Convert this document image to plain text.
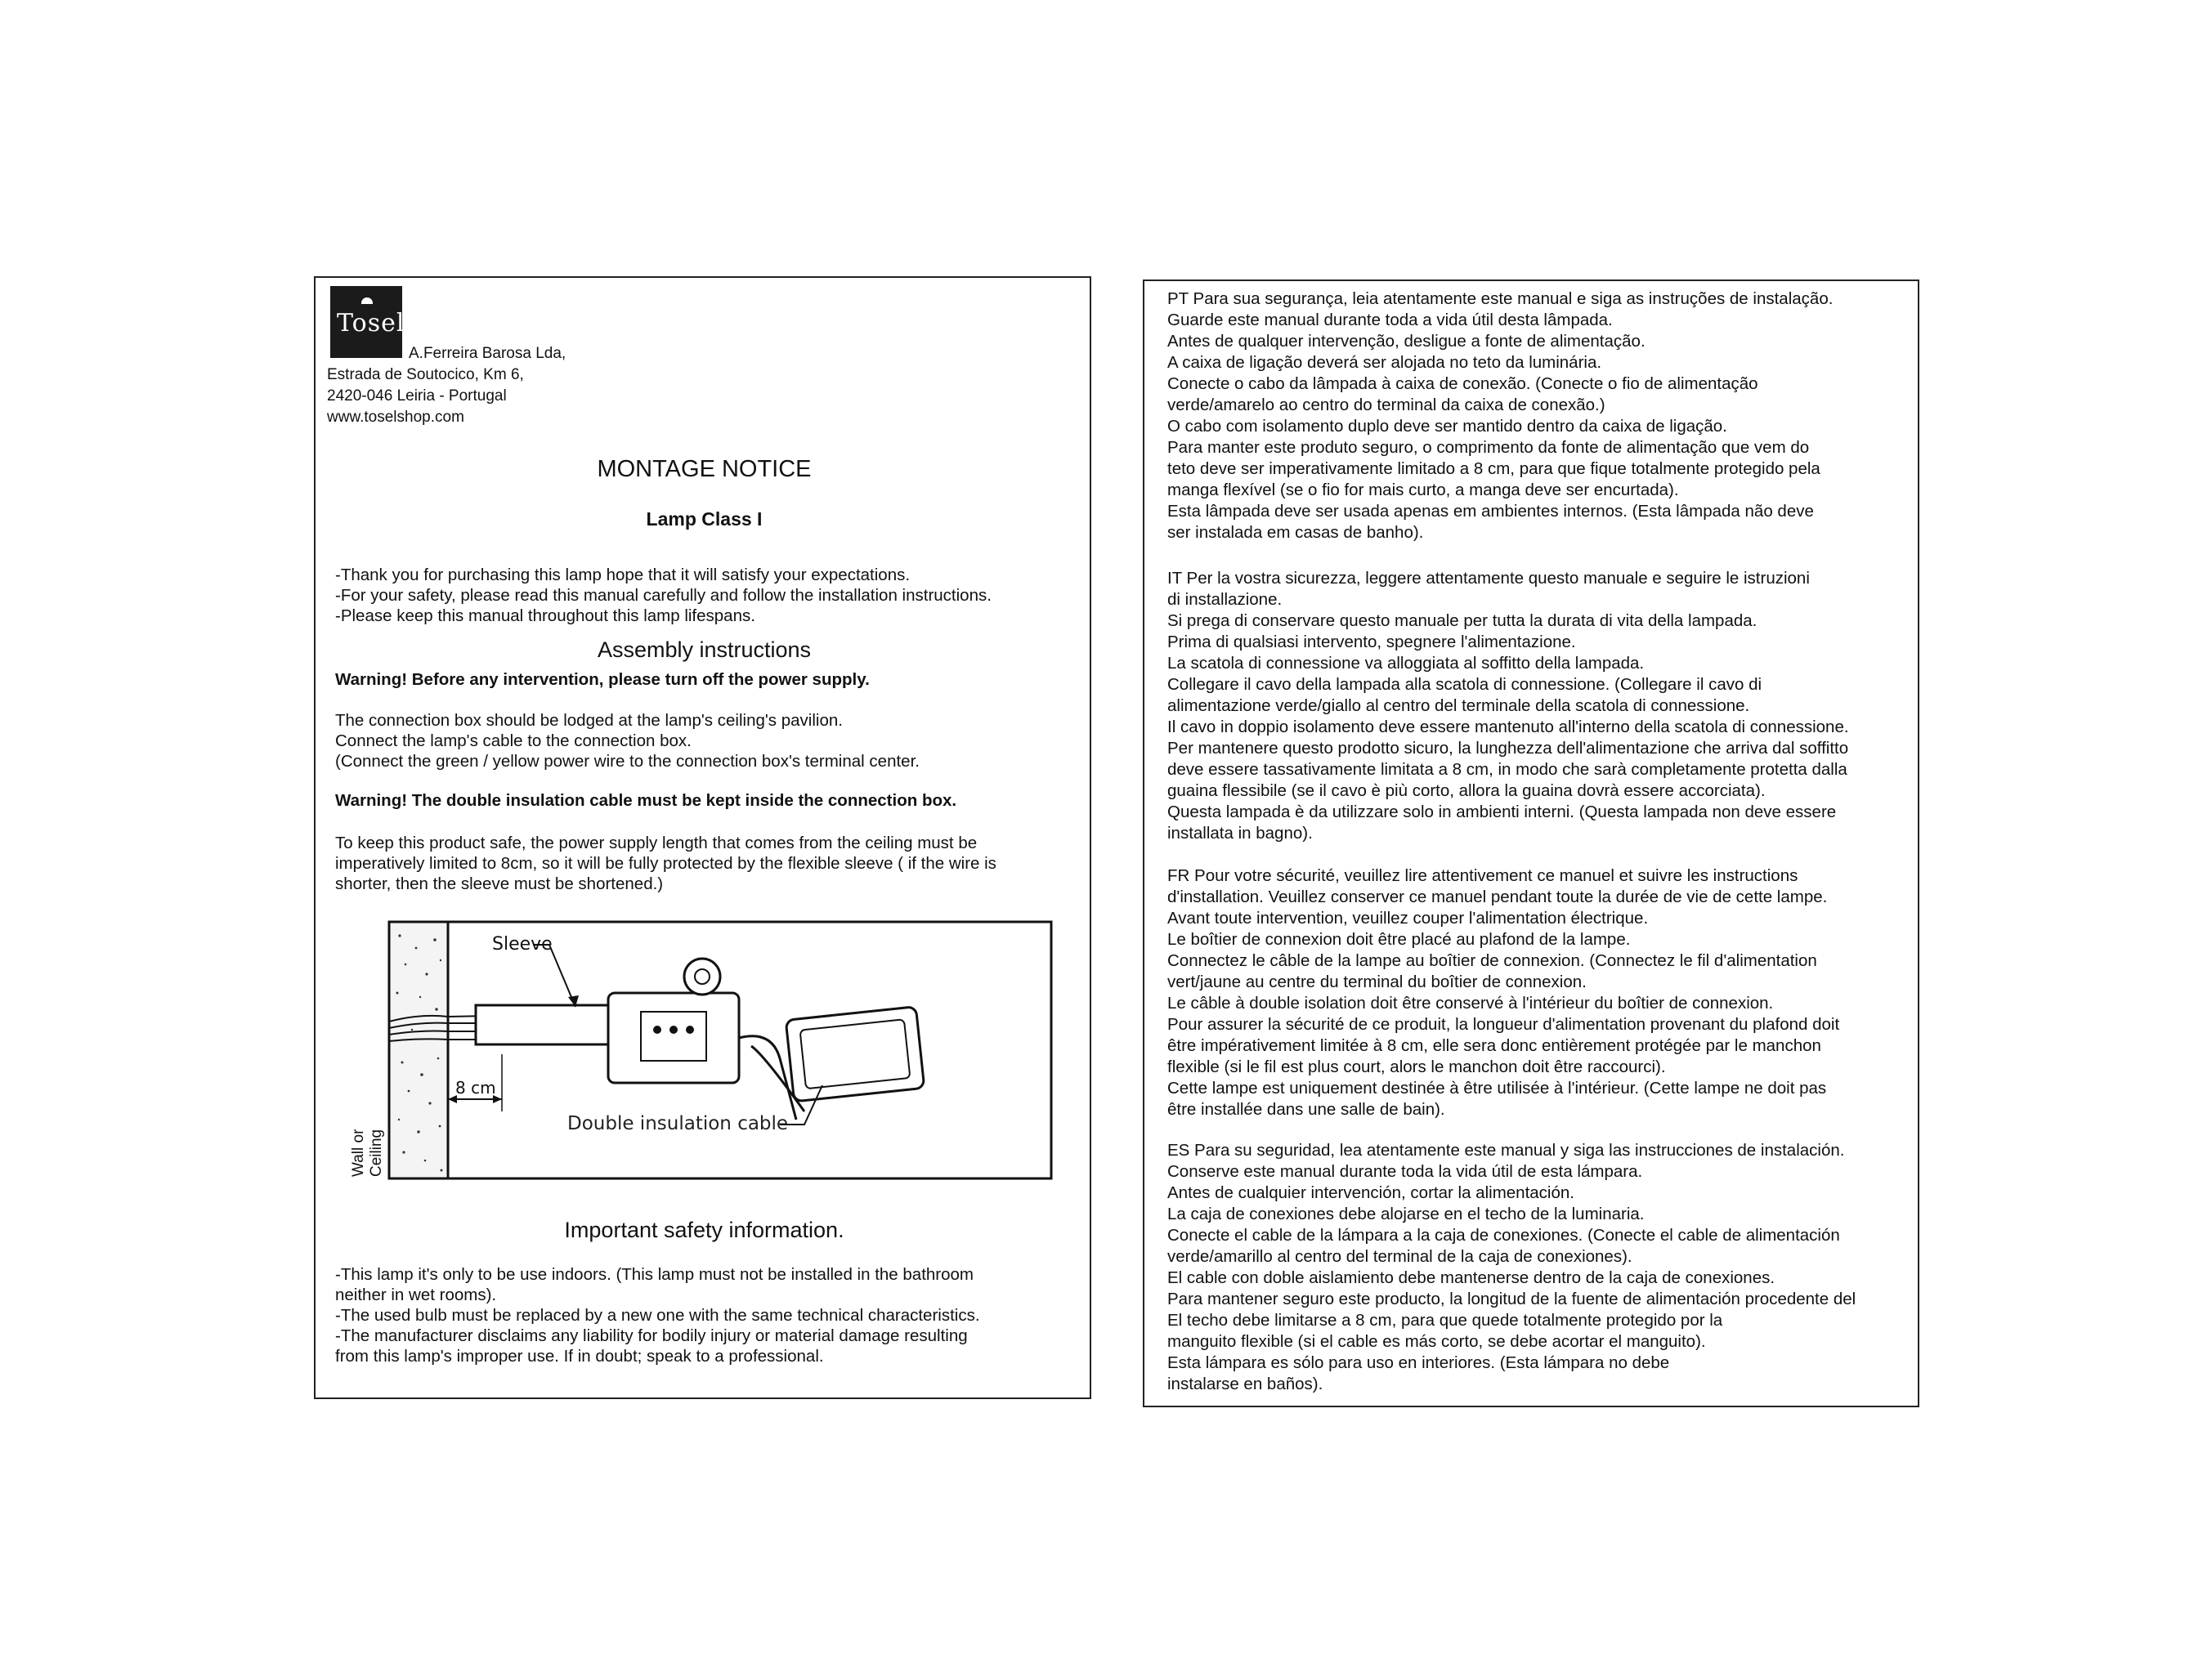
Tosel
A.Ferreira Barosa Lda,
Estrada de Soutocico, Km 6,
2420-046 Leiria - Portugal
www.toselshop.com
MONTAGE NOTICE
Lamp Class I
-Thank you for purchasing this lamp hope that it will satisfy your expectations.
-For your safety, please read this manual carefully and follow the installation instructions.
-Please keep this manual throughout this lamp lifespans.
Assembly instructions
Warning! Before any intervention, please turn off the power supply.
The connection box should be lodged at the lamp's ceiling's pavilion.
Connect the lamp's cable to the connection box.
(Connect the green / yellow power wire to the connection box's terminal center.
Warning! The double insulation cable must be kept inside the connection box.
To keep this product safe, the power supply length that comes from the ceiling must be
imperatively limited to 8cm, so it will be fully protected by the flexible sleeve ( if the wire is
shorter, then the sleeve must be shortened.)
Sleeve
8 cm
Double insulation cable
Wall or Ceiling
Important safety information.
-This lamp it's only to be use indoors. (This lamp must not be installed in the bathroom
neither in wet rooms).
-The used bulb must be replaced by a new one with the same technical characteristics.
-The manufacturer disclaims any liability for bodily injury or material damage resulting
from this lamp's improper use. If in doubt; speak to a professional.
PT Para sua segurança, leia atentamente este manual e siga as instruções de instalação.
Guarde este manual durante toda a vida útil desta lâmpada.
Antes de qualquer intervenção, desligue a fonte de alimentação.
A caixa de ligação deverá ser alojada no teto da luminária.
Conecte o cabo da lâmpada à caixa de conexão. (Conecte o fio de alimentação
verde/amarelo ao centro do terminal da caixa de conexão.)
O cabo com isolamento duplo deve ser mantido dentro da caixa de ligação.
Para manter este produto seguro, o comprimento da fonte de alimentação que vem do
teto deve ser imperativamente limitado a 8 cm, para que fique totalmente protegido pela
manga flexível (se o fio for mais curto, a manga deve ser encurtada).
Esta lâmpada deve ser usada apenas em ambientes internos. (Esta lâmpada não deve
ser instalada em casas de banho).
IT Per la vostra sicurezza, leggere attentamente questo manuale e seguire le istruzioni
di installazione.
Si prega di conservare questo manuale per tutta la durata di vita della lampada.
Prima di qualsiasi intervento, spegnere l'alimentazione.
La scatola di connessione va alloggiata al soffitto della lampada.
Collegare il cavo della lampada alla scatola di connessione. (Collegare il cavo di
alimentazione verde/giallo al centro del terminale della scatola di connessione.
Il cavo in doppio isolamento deve essere mantenuto all'interno della scatola di connessione.
Per mantenere questo prodotto sicuro, la lunghezza dell'alimentazione che arriva dal soffitto
deve essere tassativamente limitata a 8 cm, in modo che sarà completamente protetta dalla
guaina flessibile (se il cavo è più corto, allora la guaina dovrà essere accorciata).
Questa lampada è da utilizzare solo in ambienti interni. (Questa lampada non deve essere
installata in bagno).
FR Pour votre sécurité, veuillez lire attentivement ce manuel et suivre les instructions
d'installation. Veuillez conserver ce manuel pendant toute la durée de vie de cette lampe.
Avant toute intervention, veuillez couper l'alimentation électrique.
Le boîtier de connexion doit être placé au plafond de la lampe.
Connectez le câble de la lampe au boîtier de connexion. (Connectez le fil d'alimentation
vert/jaune au centre du terminal du boîtier de connexion.
Le câble à double isolation doit être conservé à l'intérieur du boîtier de connexion.
Pour assurer la sécurité de ce produit, la longueur d'alimentation provenant du plafond doit
être impérativement limitée à 8 cm, elle sera donc entièrement protégée par le manchon
flexible (si le fil est plus court, alors le manchon doit être raccourci).
Cette lampe est uniquement destinée à être utilisée à l'intérieur. (Cette lampe ne doit pas
être installée dans une salle de bain).
ES Para su seguridad, lea atentamente este manual y siga las instrucciones de instalación.
Conserve este manual durante toda la vida útil de esta lámpara.
Antes de cualquier intervención, cortar la alimentación.
La caja de conexiones debe alojarse en el techo de la luminaria.
Conecte el cable de la lámpara a la caja de conexiones. (Conecte el cable de alimentación
verde/amarillo al centro del terminal de la caja de conexiones).
El cable con doble aislamiento debe mantenerse dentro de la caja de conexiones.
Para mantener seguro este producto, la longitud de la fuente de alimentación procedente del
El techo debe limitarse a 8 cm, para que quede totalmente protegido por la
manguito flexible (si el cable es más corto, se debe acortar el manguito).
Esta lámpara es sólo para uso en interiores. (Esta lámpara no debe
instalarse en baños).
